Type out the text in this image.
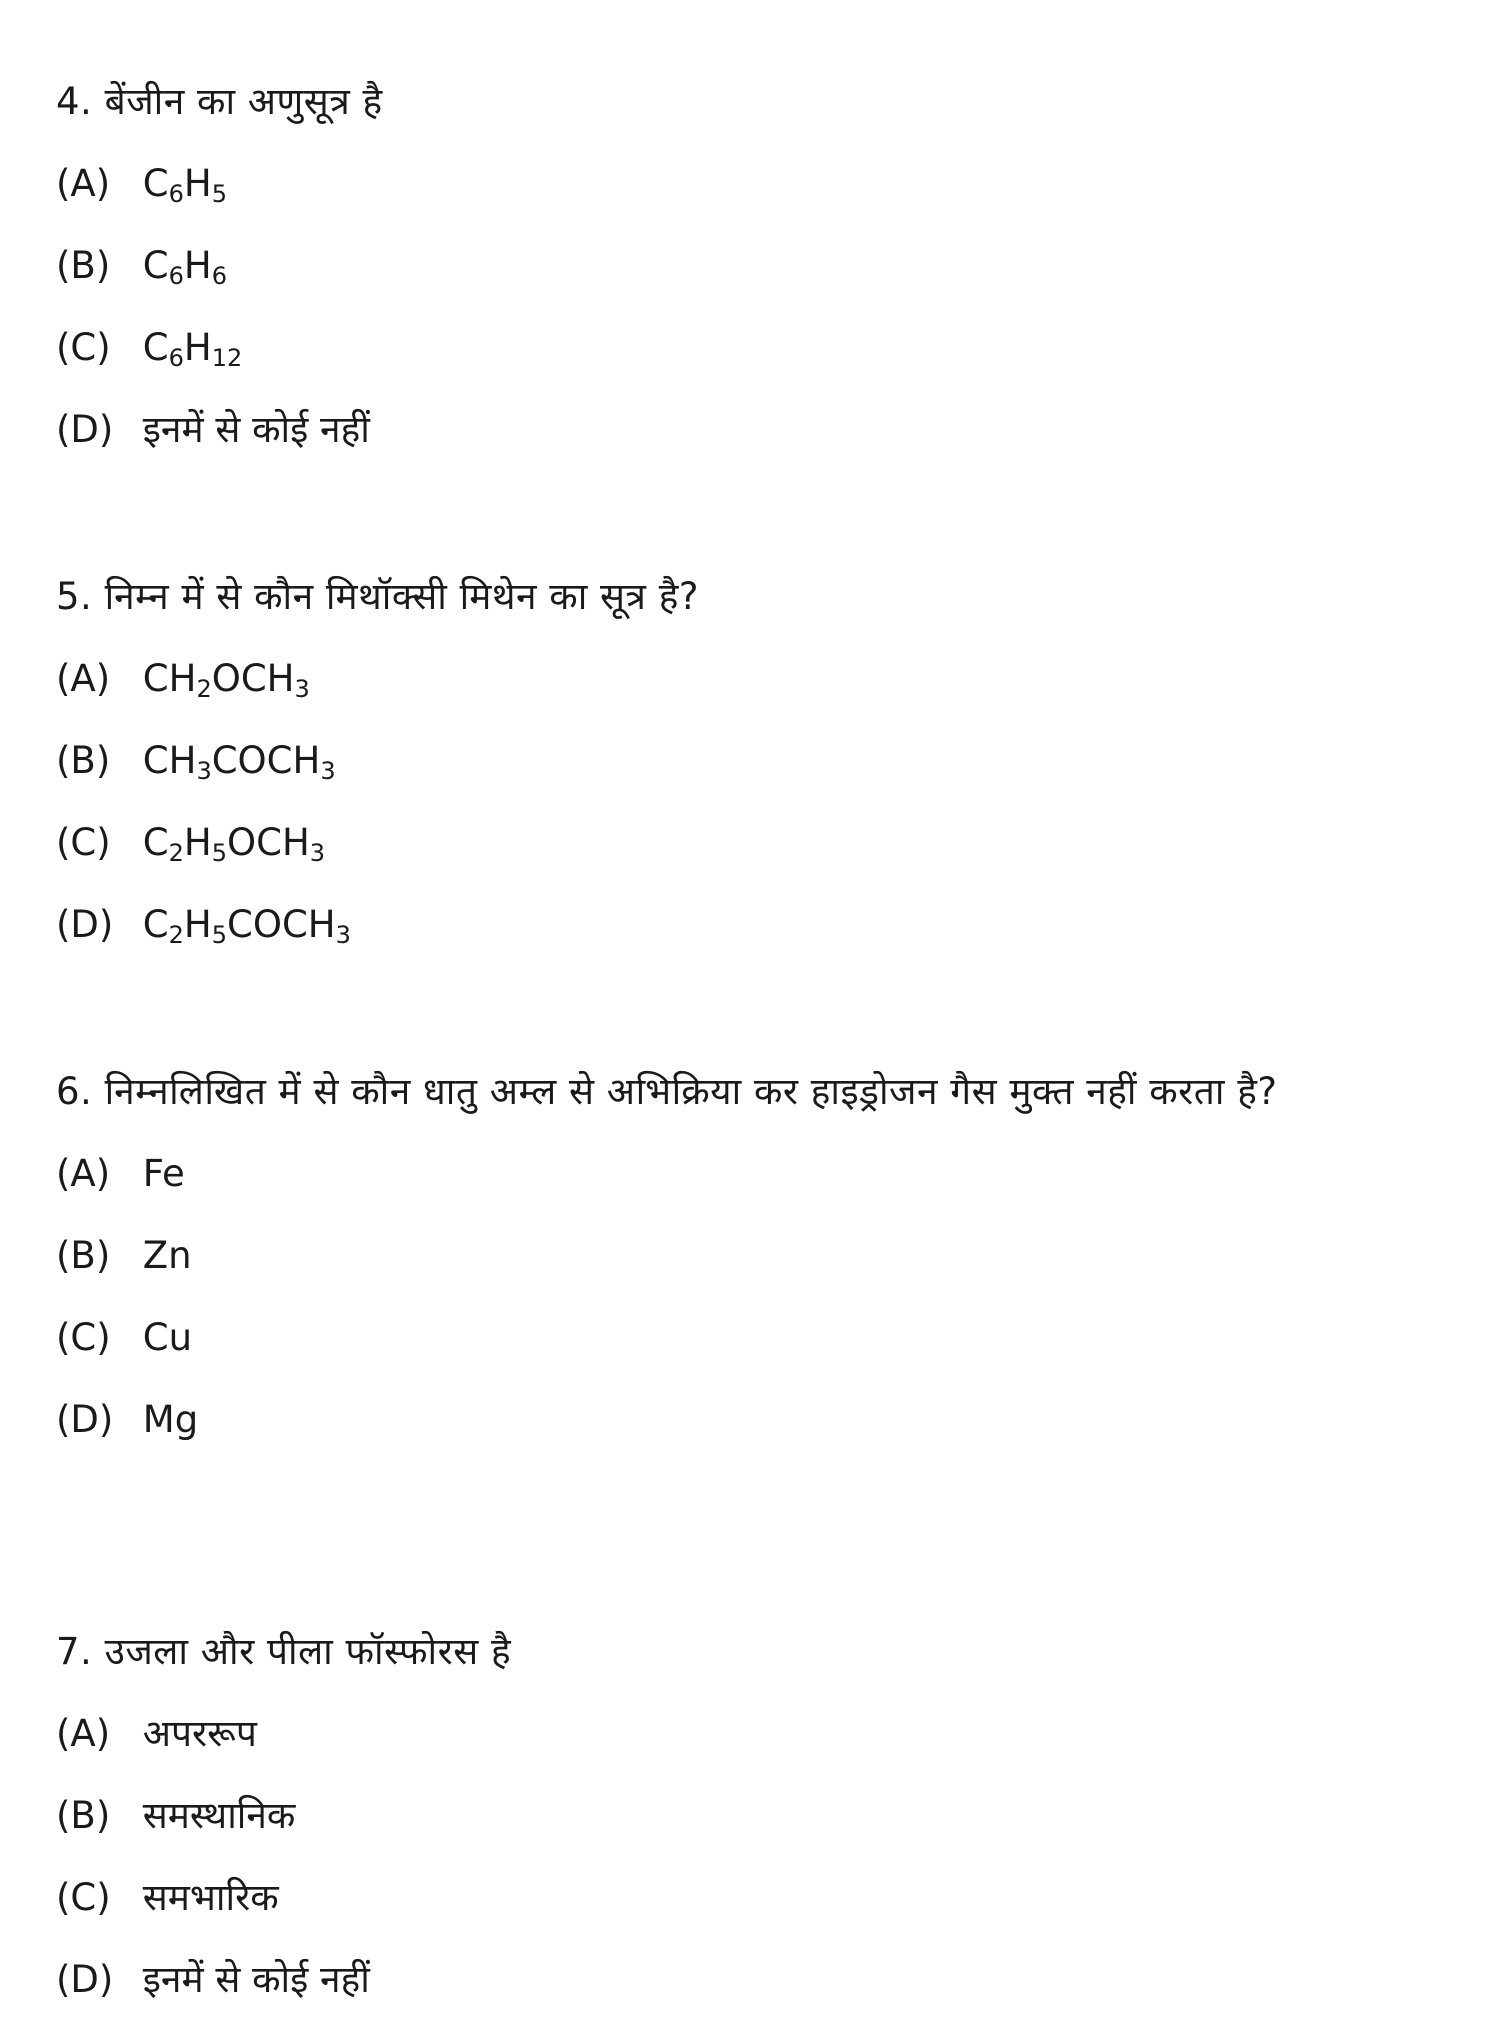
4. बेंजीन का अणुसूत्र है

(A) $C_6H_5$
(B) $C_6H_6$
(C) $C_6H_{12}$
(D) इनमें से कोई नहीं

5. निम्न में से कौन मिथॉक्सी मिथेन का सूत्र है?

(A) $CH_2OCH_3$
(B) $CH_3COCH_3$
(C) $C_2H_5OCH_3$
(D) $C_2H_5COCH_3$

6. निम्नलिखित में से कौन धातु अम्ल से अभिक्रिया कर हाइड्रोजन गैस मुक्त नहीं करता है?

(A) Fe
(B) Zn
(C) Cu
(D) Mg

7. उजला और पीला फॉस्फोरस है

(A) अपररूप
(B) समस्थानिक
(C) समभारिक
(D) इनमें से कोई नहीं
